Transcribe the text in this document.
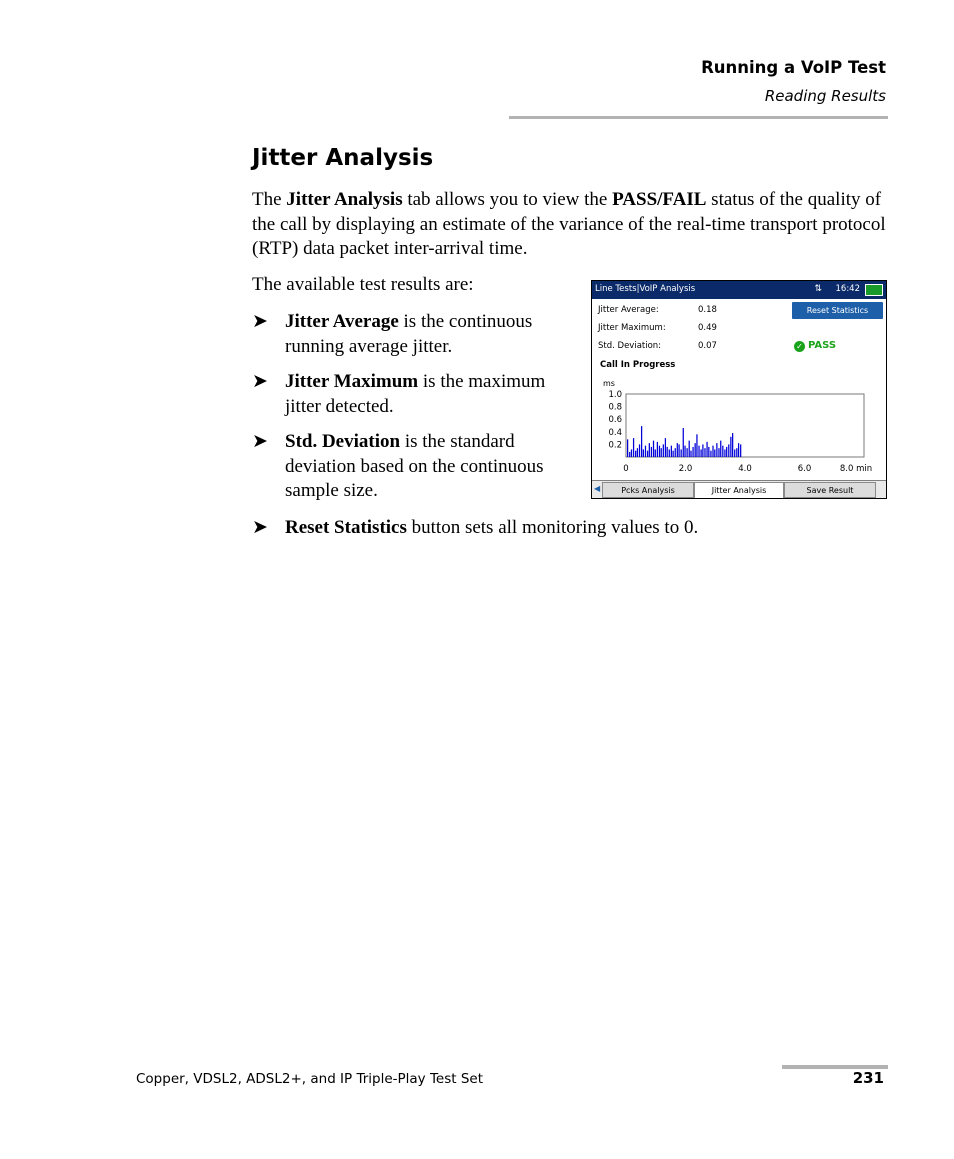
Running a VoIP Test
Reading Results
Jitter Analysis

The Jitter Analysis tab allows you to view the PASS/FAIL status of the quality of the call by displaying an estimate of the variance of the real-time transport protocol (RTP) data packet inter-arrival time.

The available test results are:

➤ Jitter Average is the continuous running average jitter.
➤ Jitter Maximum is the maximum jitter detected.
➤ Std. Deviation is the standard deviation based on the continuous sample size.
➤ Reset Statistics button sets all monitoring values to 0.
Line Tests|VoIP Analysis	⇅ 16:42
Jitter Average:	0.18
Jitter Maximum:	0.49
Std. Deviation:	0.07
Reset Statistics
✓ PASS
Call In Progress
ms
1.0
0.8
0.6
0.4
0.2
0	2.0	4.0	6.0	8.0 min
◀	Pcks Analysis	Jitter Analysis	Save Result
Copper, VDSL2, ADSL2+, and IP Triple-Play Test Set	231
